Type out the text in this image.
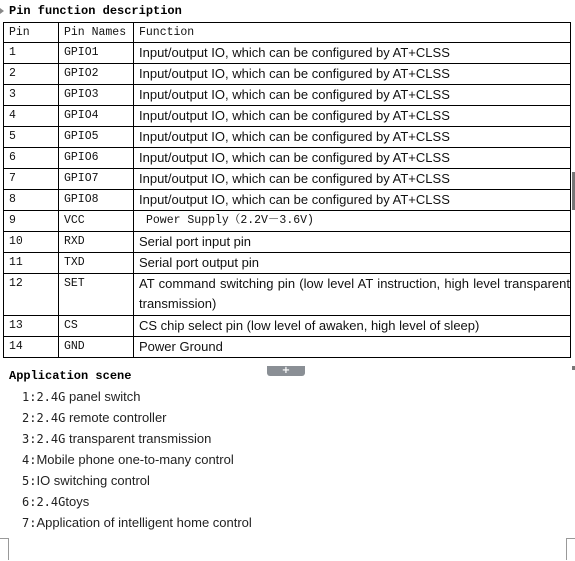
Pin function description
Pin	Pin Names	Function
1	GPIO1	Input/output IO, which can be configured by AT+CLSS
2	GPIO2	Input/output IO, which can be configured by AT+CLSS
3	GPIO3	Input/output IO, which can be configured by AT+CLSS
4	GPIO4	Input/output IO, which can be configured by AT+CLSS
5	GPIO5	Input/output IO, which can be configured by AT+CLSS
6	GPIO6	Input/output IO, which can be configured by AT+CLSS
7	GPIO7	Input/output IO, which can be configured by AT+CLSS
8	GPIO8	Input/output IO, which can be configured by AT+CLSS
9	VCC	Power Supply（2.2V－3.6V)
10	RXD	Serial port input pin
11	TXD	Serial port output pin
12	SET	AT command switching pin (low level AT instruction, high level transparent transmission)
13	CS	CS chip select pin (low level of awaken, high level of sleep)
14	GND	Power Ground
+
Application scene
1:2.4G panel switch
2:2.4G remote controller
3:2.4G transparent transmission
4:Mobile phone one-to-many control
5:IO switching control
6:2.4Gtoys
7:Application of intelligent home control
